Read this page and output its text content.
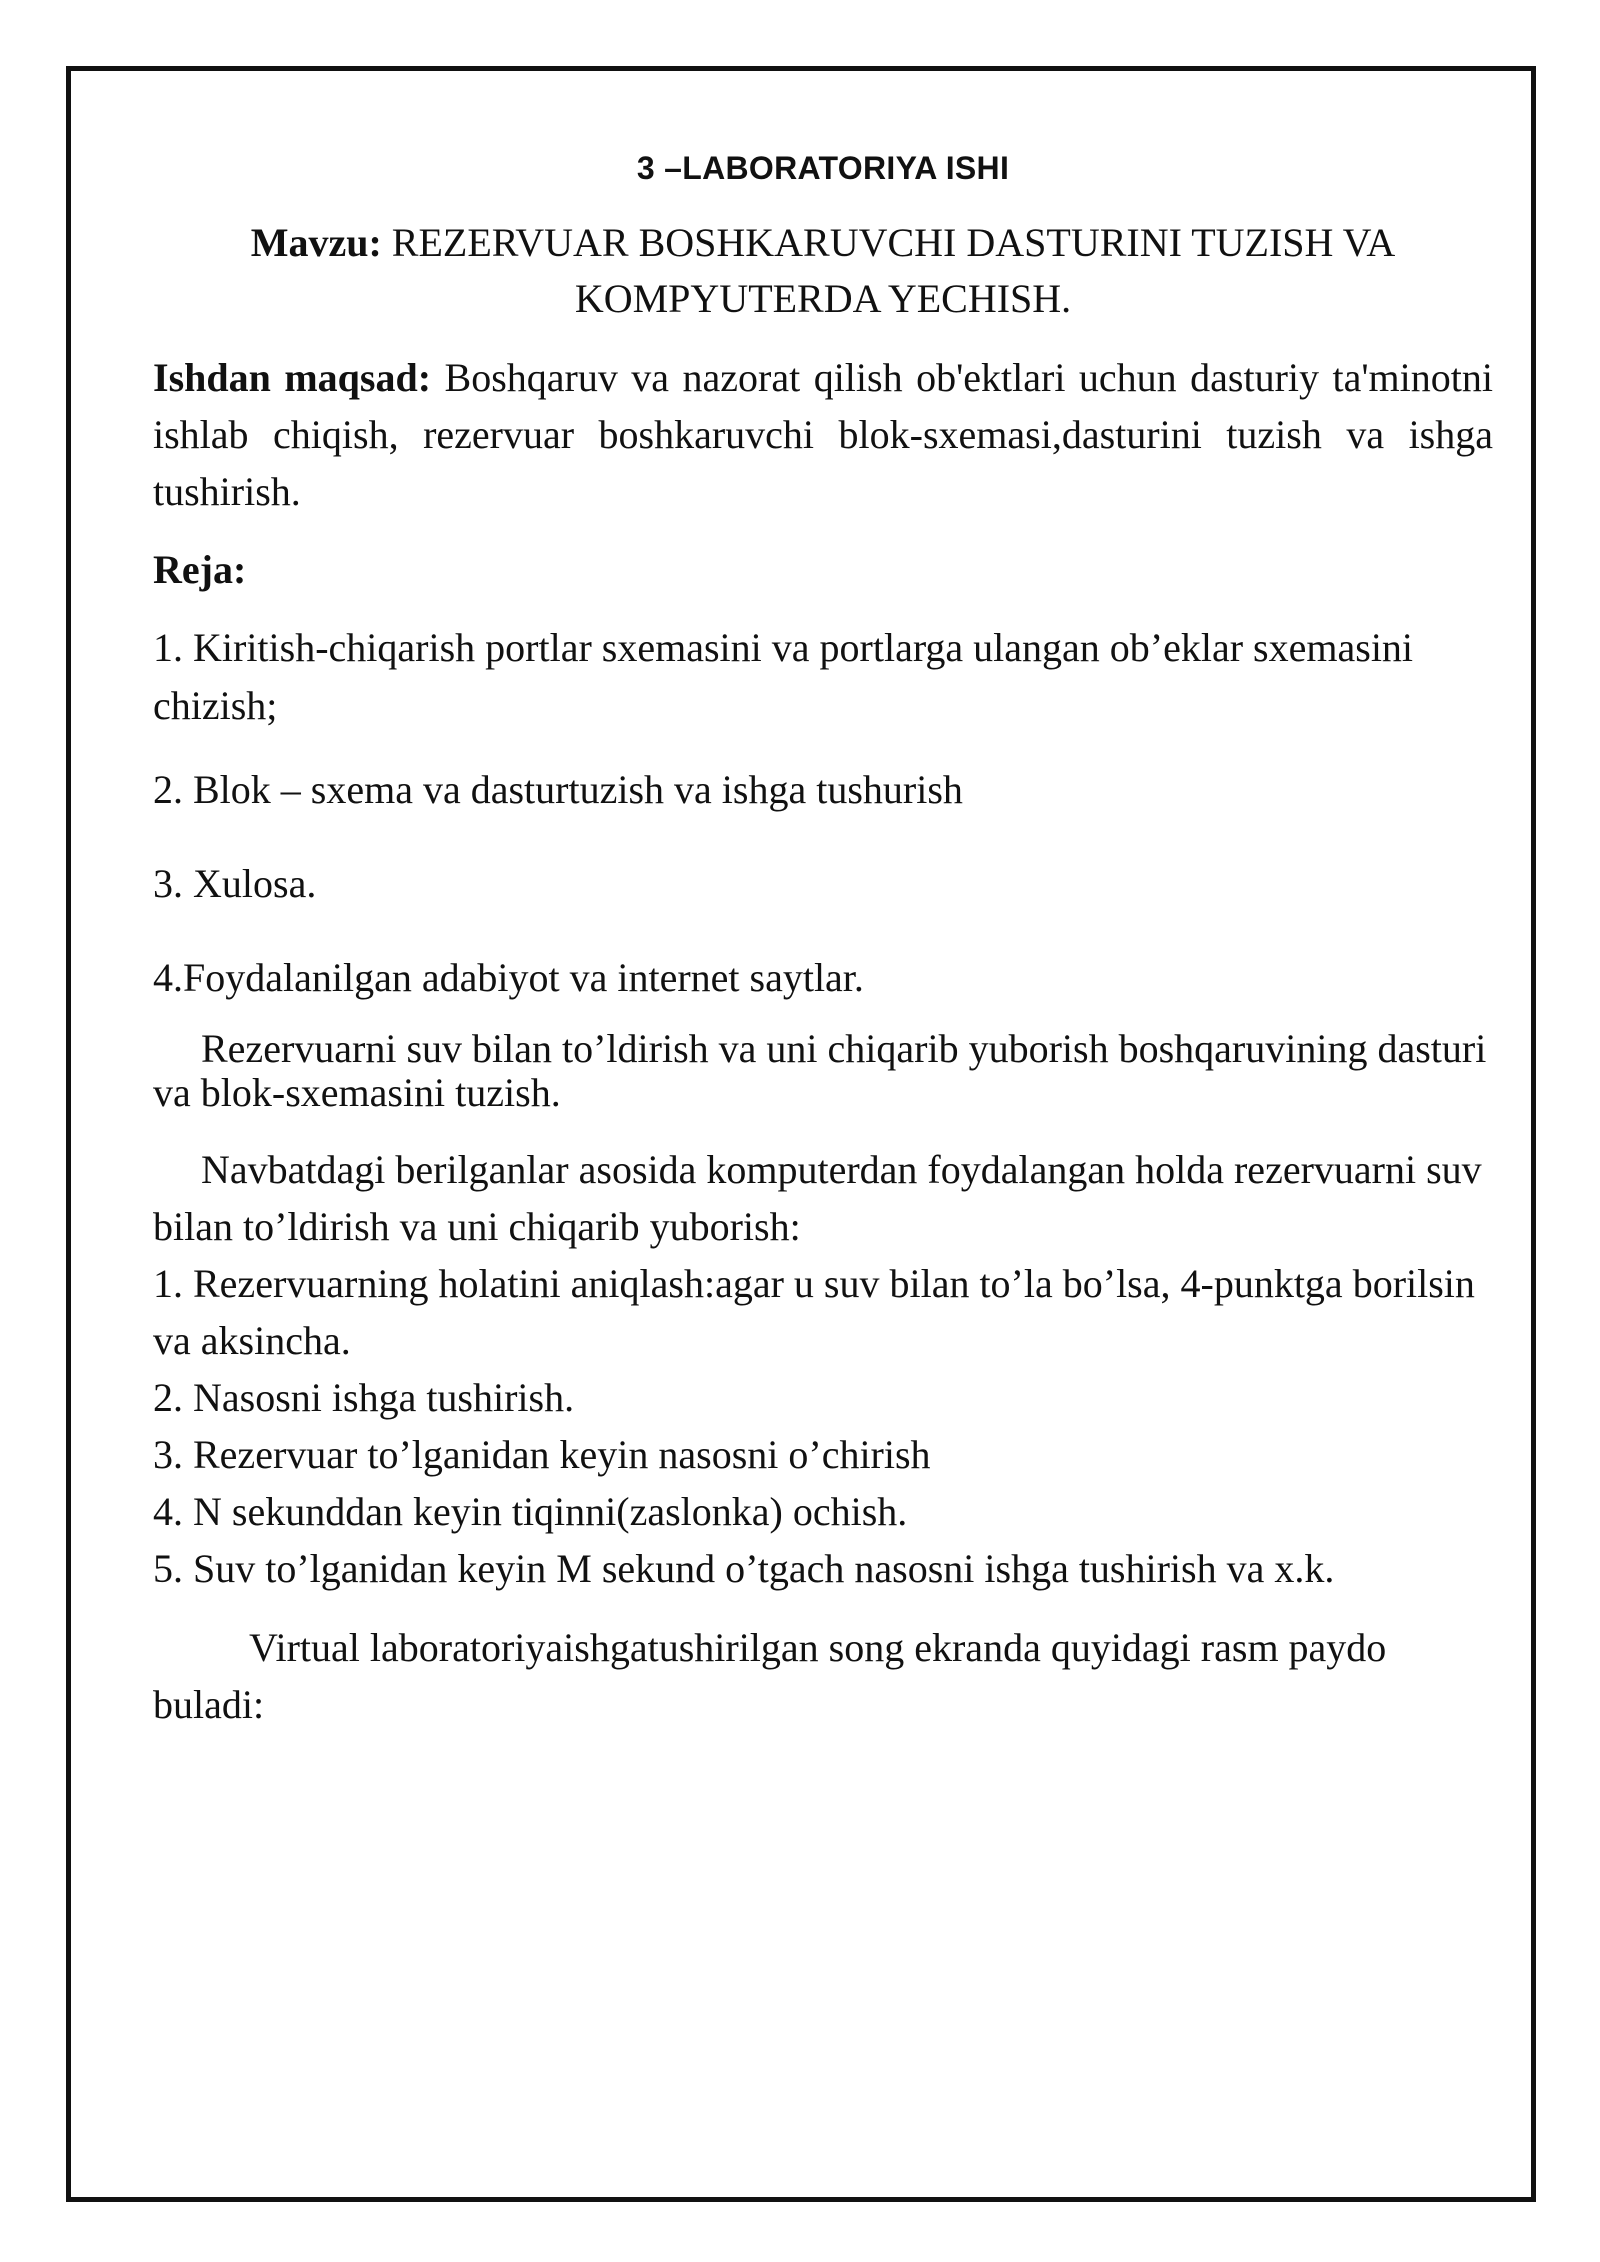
3 –LABORATORIYA ISHI

Mavzu: REZERVUAR BOSHKARUVCHI DASTURINI TUZISH VA KOMPYUTERDA YECHISH.

Ishdan maqsad: Boshqaruv va nazorat qilish ob'ektlari uchun dasturiy ta'minotni ishlab chiqish, rezervuar boshkaruvchi blok-sxemasi,dasturini tuzish va ishga tushirish.

Reja:

1. Kiritish-chiqarish portlar sxemasini va portlarga ulangan ob’eklar sxemasini chizish;

2. Blok – sxema va dasturtuzish va ishga tushurish

3. Xulosa.

4.Foydalanilgan adabiyot va internet saytlar.

Rezervuarni suv bilan to’ldirish va uni chiqarib yuborish boshqaruvining dasturi va blok-sxemasini tuzish.

Navbatdagi berilganlar asosida komputerdan foydalangan holda rezervuarni suv bilan to’ldirish va uni chiqarib yuborish:

1. Rezervuarning holatini aniqlash:agar u suv bilan to’la bo’lsa, 4-punktga borilsin va aksincha.

2. Nasosni ishga tushirish.

3. Rezervuar to’lganidan keyin nasosni o’chirish

4. N sekunddan keyin tiqinni(zaslonka) ochish.

5. Suv to’lganidan keyin M sekund o’tgach nasosni ishga tushirish va x.k.

Virtual laboratoriyaishgatushirilgan song ekranda quyidagi rasm paydo buladi:
